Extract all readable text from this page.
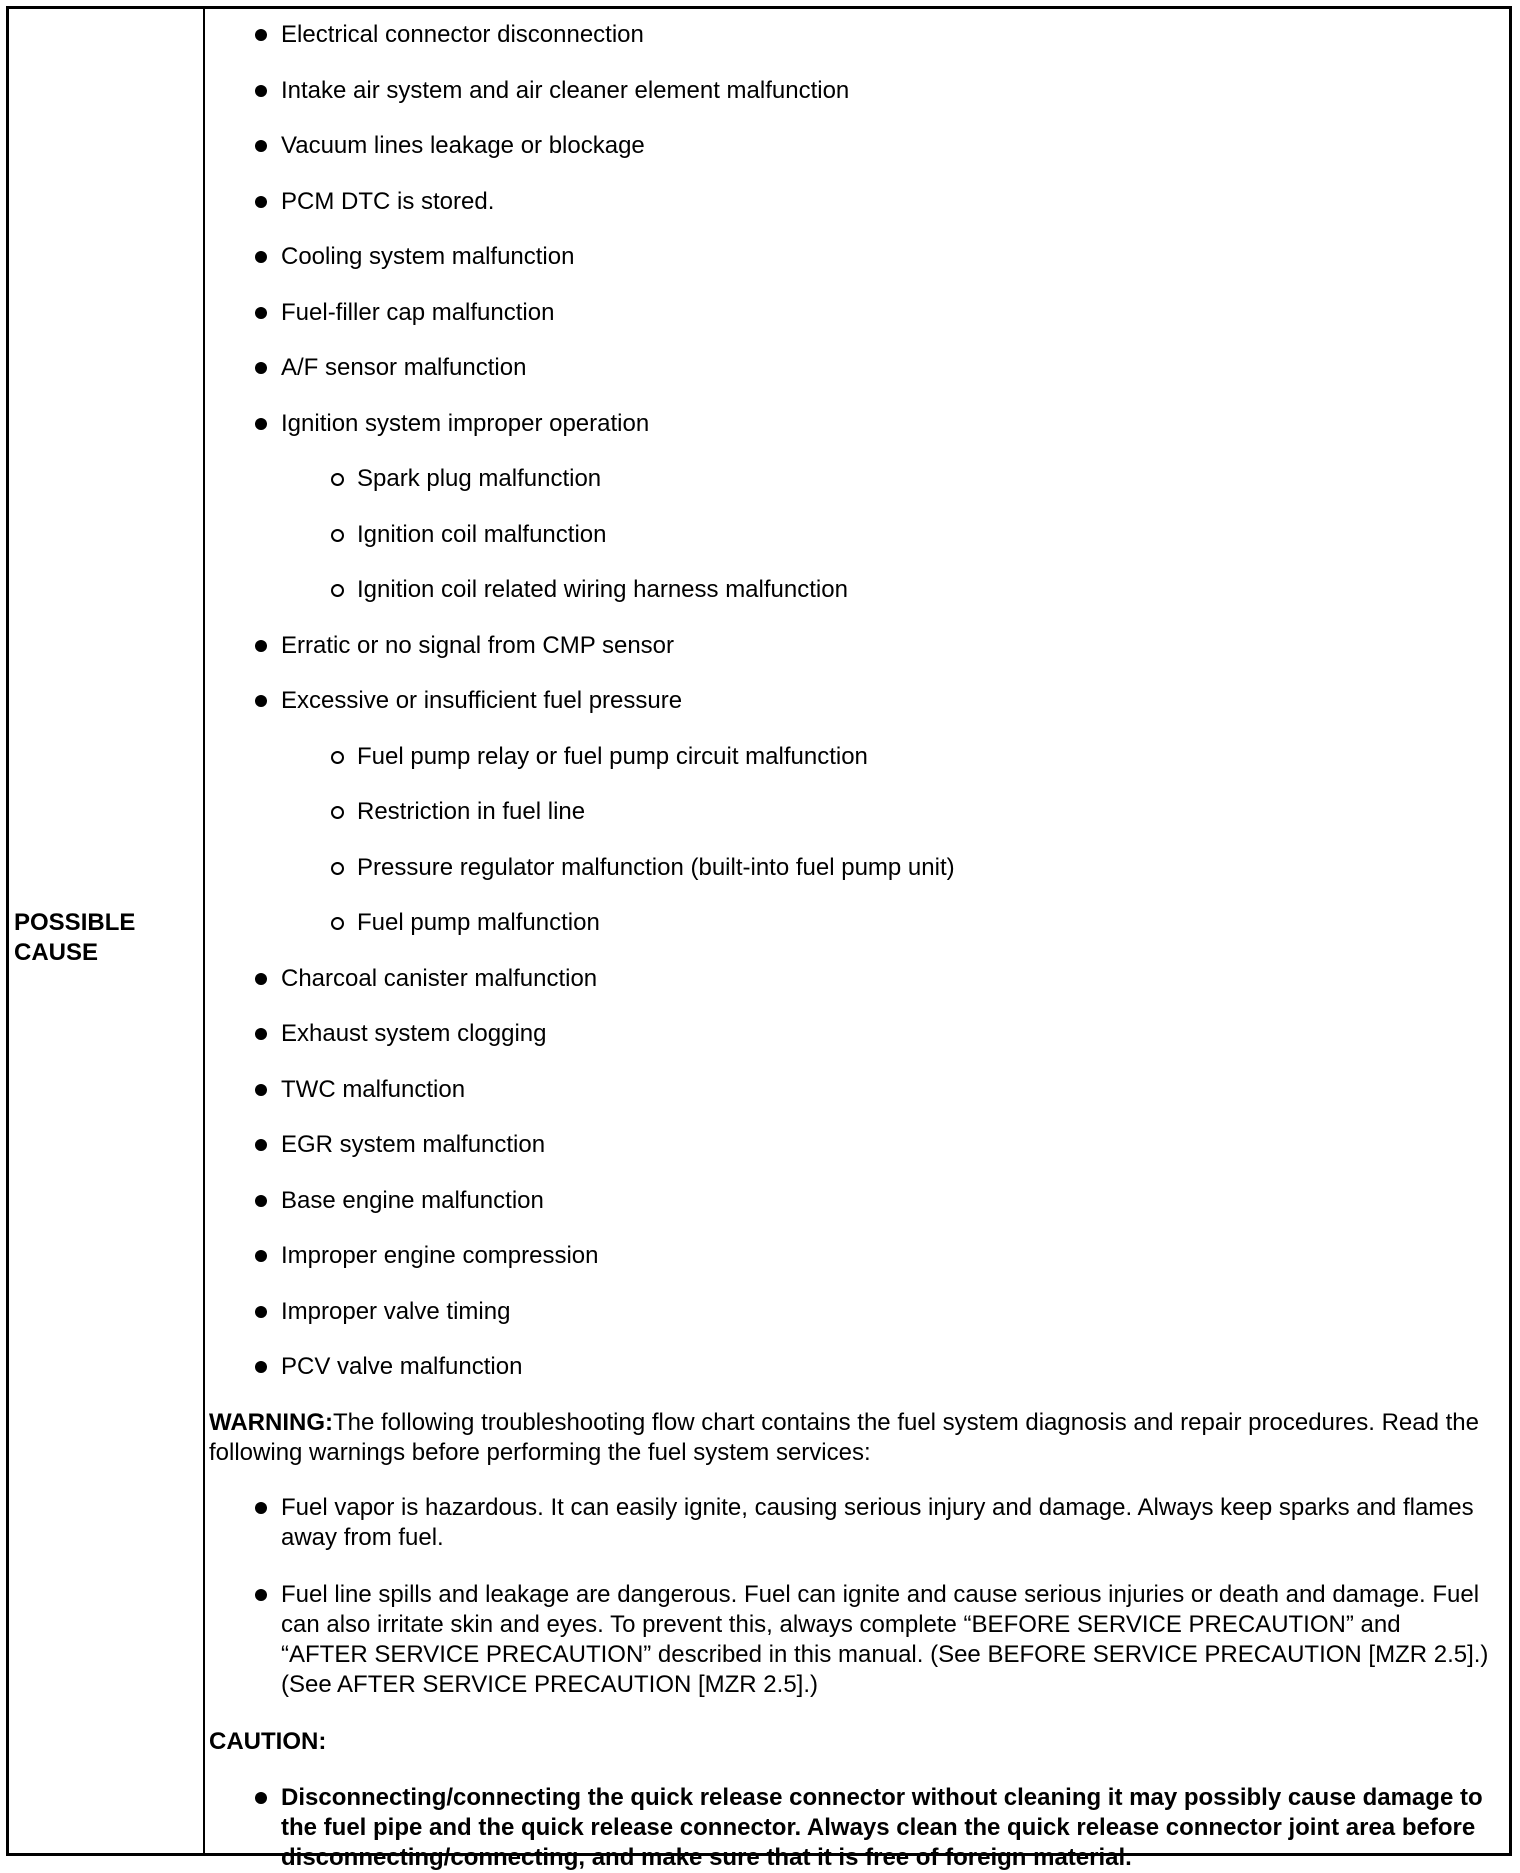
POSSIBLE CAUSE
Electrical connector disconnection
Intake air system and air cleaner element malfunction
Vacuum lines leakage or blockage
PCM DTC is stored.
Cooling system malfunction
Fuel-filler cap malfunction
A/F sensor malfunction
Ignition system improper operation
Spark plug malfunction
Ignition coil malfunction
Ignition coil related wiring harness malfunction
Erratic or no signal from CMP sensor
Excessive or insufficient fuel pressure
Fuel pump relay or fuel pump circuit malfunction
Restriction in fuel line
Pressure regulator malfunction (built-into fuel pump unit)
Fuel pump malfunction
Charcoal canister malfunction
Exhaust system clogging
TWC malfunction
EGR system malfunction
Base engine malfunction
Improper engine compression
Improper valve timing
PCV valve malfunction
WARNING:The following troubleshooting flow chart contains the fuel system diagnosis and repair procedures. Read the following warnings before performing the fuel system services:
Fuel vapor is hazardous. It can easily ignite, causing serious injury and damage. Always keep sparks and flames away from fuel.
Fuel line spills and leakage are dangerous. Fuel can ignite and cause serious injuries or death and damage. Fuel can also irritate skin and eyes. To prevent this, always complete “BEFORE SERVICE PRECAUTION” and “AFTER SERVICE PRECAUTION” described in this manual. (See BEFORE SERVICE PRECAUTION [MZR 2.5].) (See AFTER SERVICE PRECAUTION [MZR 2.5].)
CAUTION:
Disconnecting/connecting the quick release connector without cleaning it may possibly cause damage to the fuel pipe and the quick release connector. Always clean the quick release connector joint area before disconnecting/connecting, and make sure that it is free of foreign material.
